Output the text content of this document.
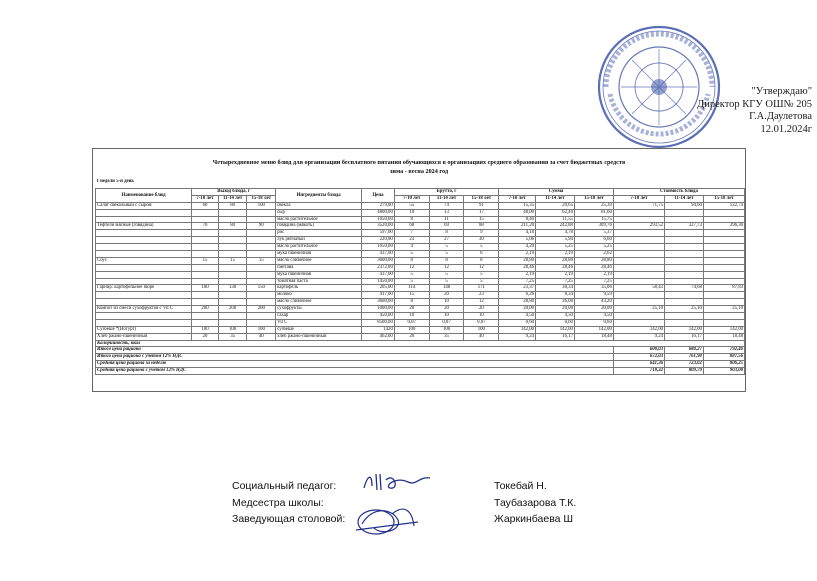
"Утверждаю"
Директор КГУ ОШ№ 205
Г.А.Даулетова
12.01.2024г
Четырехдневное меню блюд для организации бесплатного питания обучающихся в организациях среднего образования за счет бюджетных средств
зима - весна 2024 год
1 недели 5-й день														
Наименование блюд	Выход блюда, г			Ингредиенты блюда	Цена	Брутто, г			Сумма			Стоимость блюда		
	7-10 лет	11-14 лет	15-18 лет			7-10 лет	11-14 лет	15-18 лет	7-10 лет	11-14 лет	15-18 лет	7-10 лет	11-14 лет	15-18 лет
Салат свекольный с сыром	60	80	100	свекла	279,00	55	74	91	15,35	20,65	25,39	71,75	94,60	122,74
				сыр	4800,00	10	13	17	48,00	62,40	81,60			
				масло растительное	1050,00	8	11	15	8,40	11,55	15,75			
Тефтели мясные (говядина)	70	80	90	говядина (мякоть)	3520,00	60	69	88	211,20	242,88	309,76	293,52	327,73	396,30
				рис	597,00	7	8	9	4,18	4,78	5,37			
				лук репчатый	220,00	23	27	30	5,06	5,94	6,60			
				масло растительное	1050,00	4	5	5	4,20	5,25	5,25			
				мука пшеничная	437,00	5	5	6	2,19	2,19	2,62			
Соус	15	15	15	масло сливочное	3600,00	8	8	8	28,80	28,80	28,80			
				сметана	2372,00	12	12	12	28,46	28,46	28,46			
				мука пшеничная	437,00	5	5	5	2,19	2,19	2,19			
				томатная паста	1450,00	5	5	5	7,25	7,25	7,25			
Гарнир: картофельное пюре	100	130	150	картофель	205,00	114	148	171	23,37	30,34	35,06	58,43	74,68	87,83
				молоко	417,00	15	20	23	6,26	8,34	9,59			
				масло сливочное	3600,00	8	10	12	28,80	36,00	43,20			
Компот из смеси сухофруктов с Vit C	200	200	200	сухофрукты	1000,00	20	20	20	20,00	20,00	20,00	25,10	25,10	25,10
				сахар	450,00	10	10	10	4,50	4,50	4,50			
				Vit C	8500,00	0,07	0,07	0,07	0,60	0,60	0,60			
Сузбеше *(Йогурт)	100	100	100	сузбеше	1420	100	100	100	142,00	142,00	142,00	142,00	142,00	142,00
Хлеб ржано-пшеничный	20	35	40	хлеб ржано-пшеничный	462,00	20	35	40	9,24	16,17	18,48	9,24	16,17	18,48
Калорийность, ккал														
Итого цена рациона												600,03	680,27	792,46
Итого цена рациона с учетом 12% НДС												672,03	761,90	887,56
Средняя цена рациона за неделю												641,36	723,02	806,25
Средняя цена рациона с учетом 12% НДС												718,32	809,79	903,00
Социальный педагог:	Токебай Н.
Медсестра школы:	Таубазарова Т.К.
Заведующая столовой:	Жаркинбаева Ш
